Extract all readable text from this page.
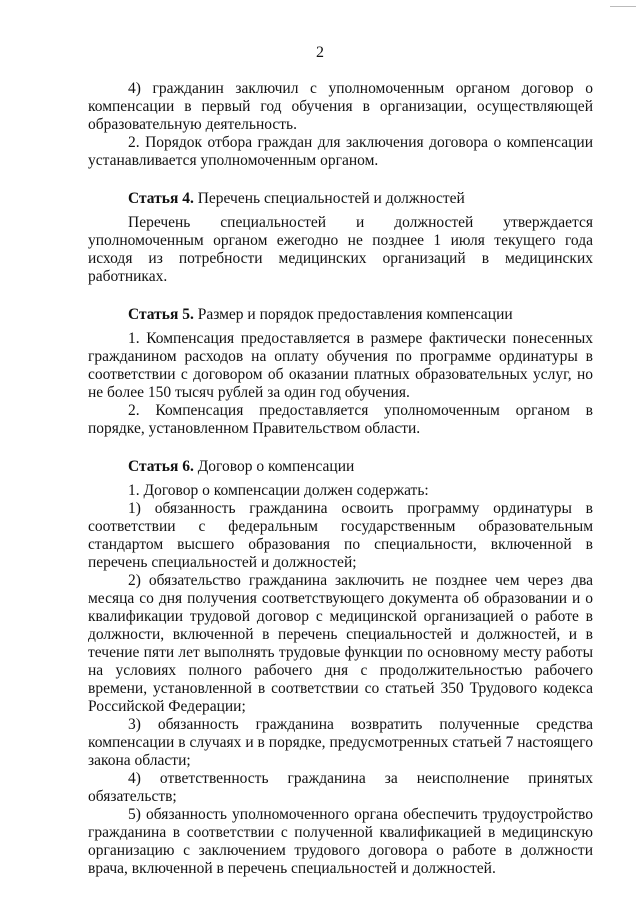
2

4) гражданин заключил с уполномоченным органом договор о компенсации в первый год обучения в организации, осуществляющей образовательную деятельность.

2. Порядок отбора граждан для заключения договора о компенсации устанавливается уполномоченным органом.

Статья 4. Перечень специальностей и должностей

Перечень специальностей и должностей утверждается уполномоченным органом ежегодно не позднее 1 июля текущего года исходя из потребности медицинских организаций в медицинских работниках.

Статья 5. Размер и порядок предоставления компенсации

1. Компенсация предоставляется в размере фактически понесенных гражданином расходов на оплату обучения по программе ординатуры в соответствии с договором об оказании платных образовательных услуг, но не более 150 тысяч рублей за один год обучения.

2. Компенсация предоставляется уполномоченным органом в порядке, установленном Правительством области.

Статья 6. Договор о компенсации

1. Договор о компенсации должен содержать:

1) обязанность гражданина освоить программу ординатуры в соответствии с федеральным государственным образовательным стандартом высшего образования по специальности, включенной в перечень специальностей и должностей;

2) обязательство гражданина заключить не позднее чем через два месяца со дня получения соответствующего документа об образовании и о квалификации трудовой договор с медицинской организацией о работе в должности, включенной в перечень специальностей и должностей, и в течение пяти лет выполнять трудовые функции по основному месту работы на условиях полного рабочего дня с продолжительностью рабочего времени, установленной в соответствии со статьей 350 Трудового кодекса Российской Федерации;

3) обязанность гражданина возвратить полученные средства компенсации в случаях и в порядке, предусмотренных статьей 7 настоящего закона области;

4) ответственность гражданина за неисполнение принятых обязательств;

5) обязанность уполномоченного органа обеспечить трудоустройство гражданина в соответствии с полученной квалификацией в медицинскую организацию с заключением трудового договора о работе в должности врача, включенной в перечень специальностей и должностей.
